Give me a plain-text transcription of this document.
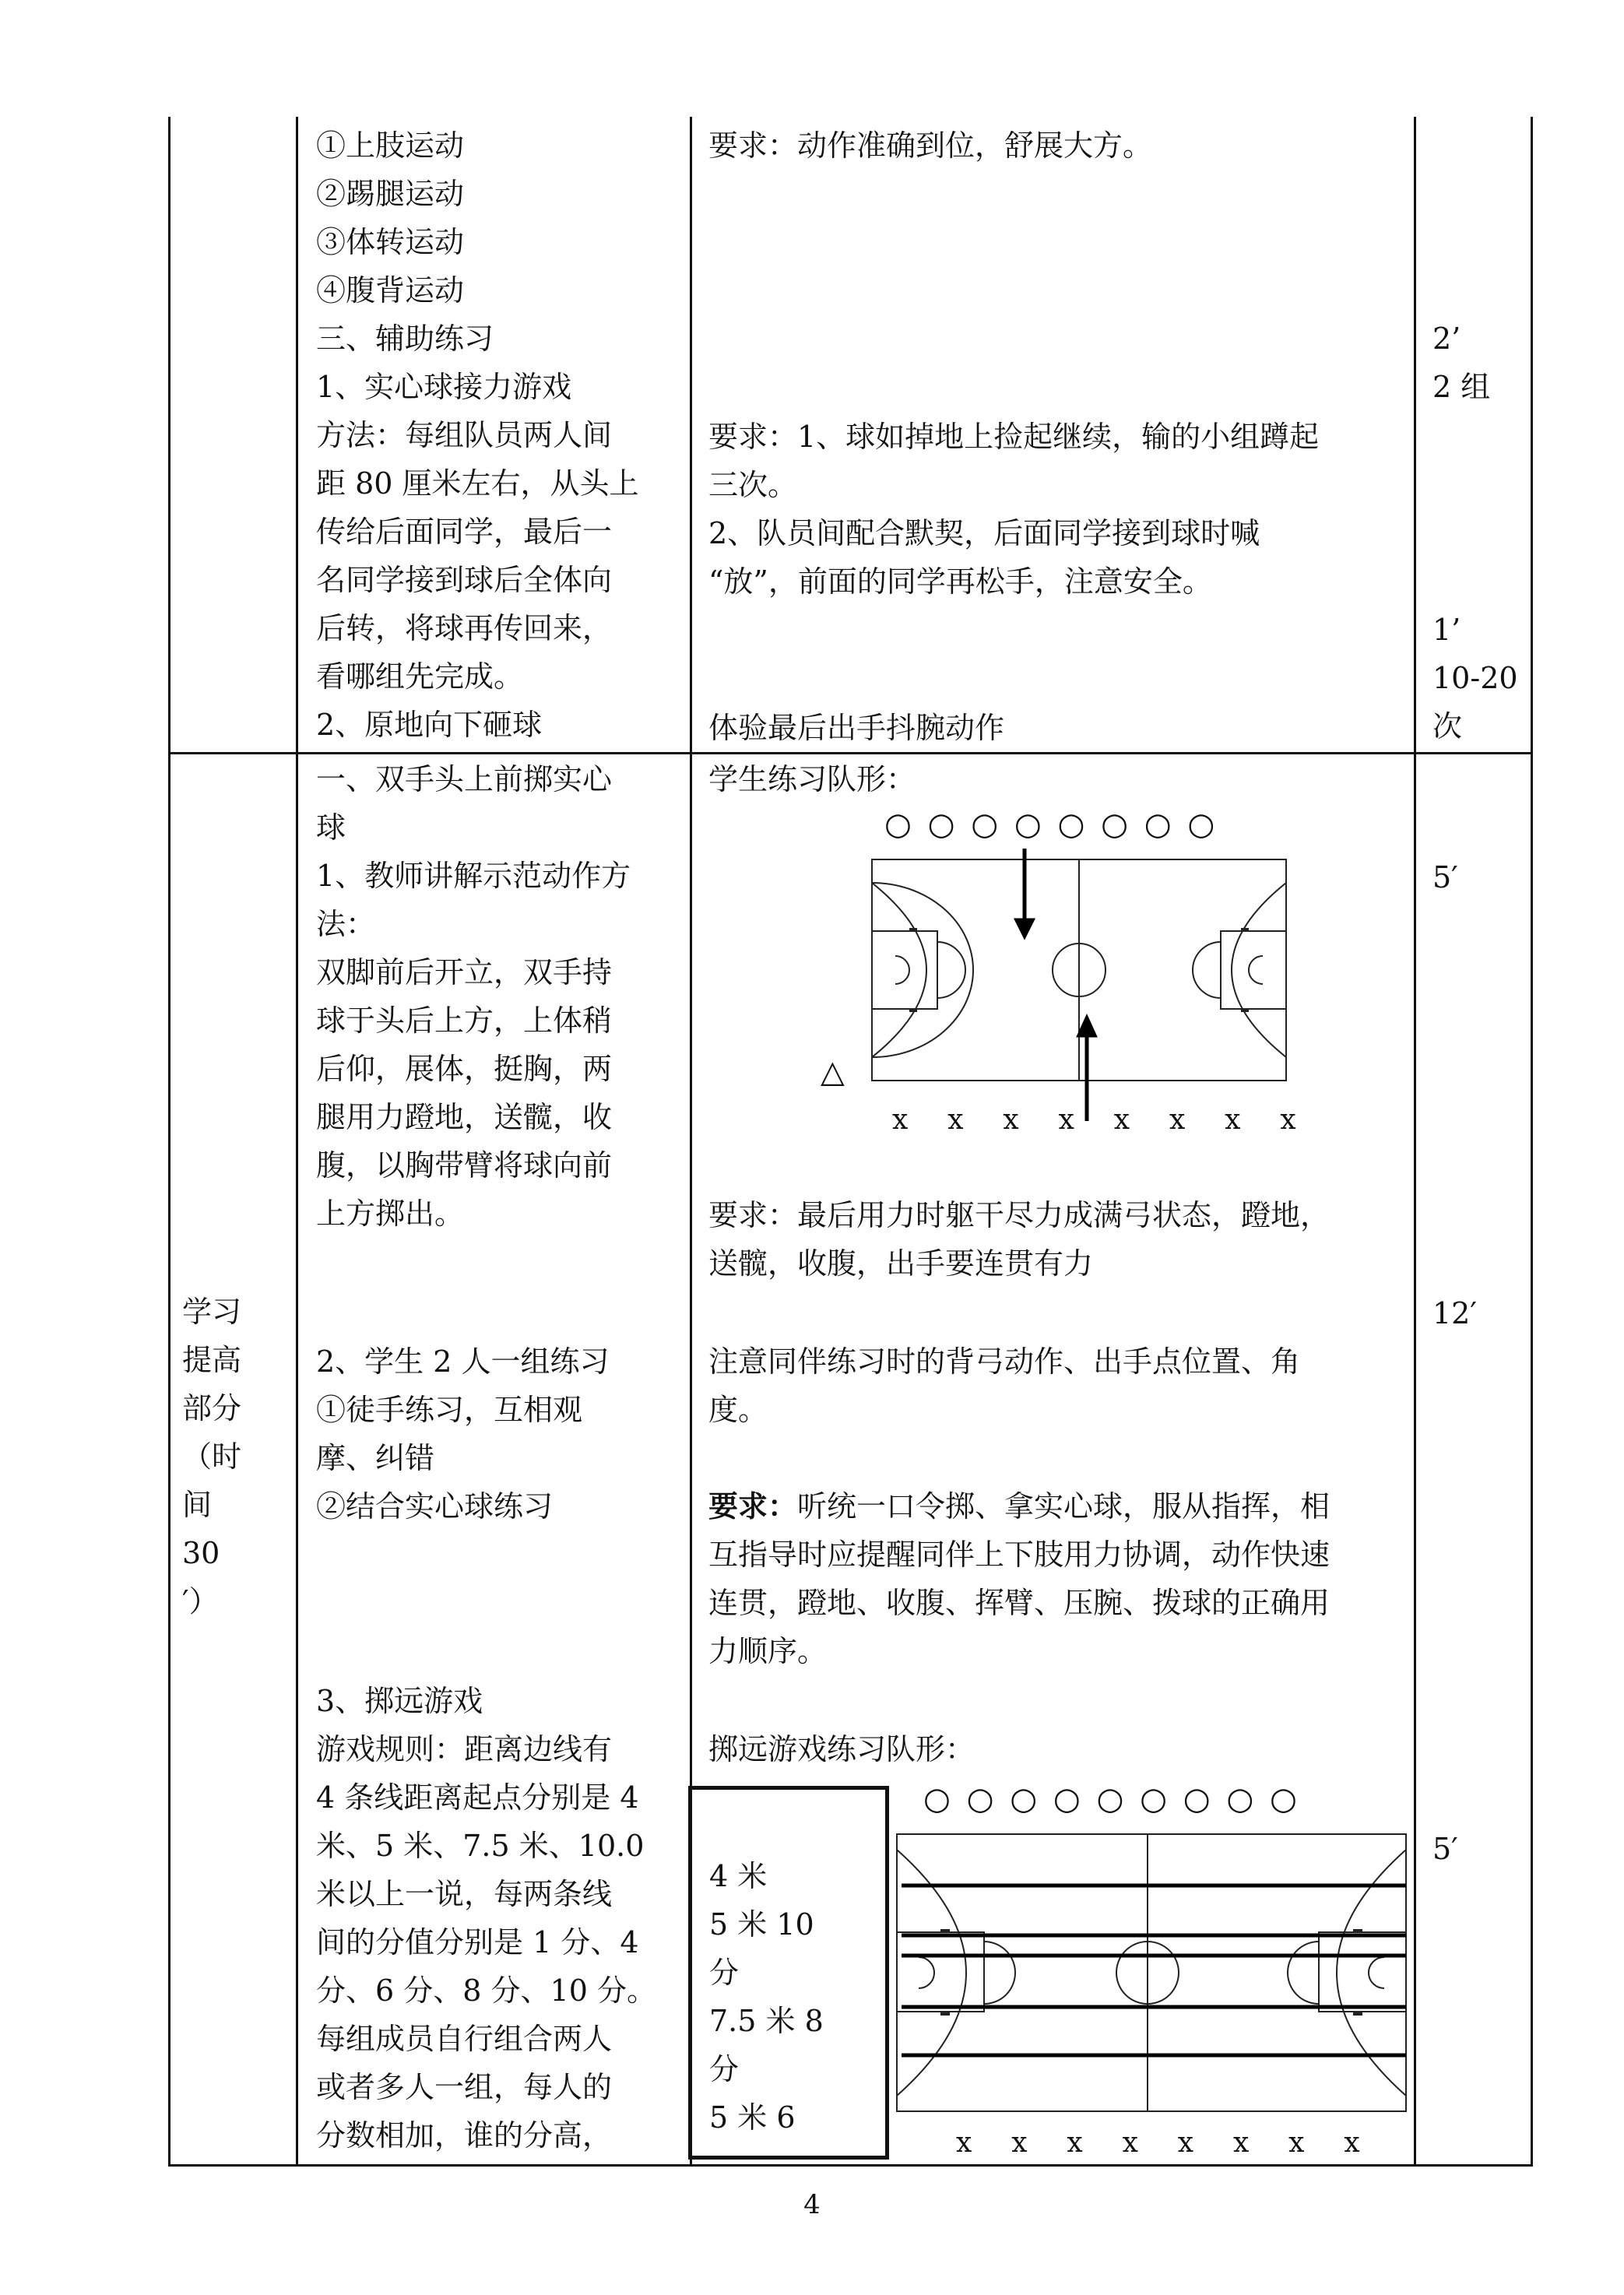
①上肢运动
②踢腿运动
③体转运动
④腹背运动
三、辅助练习
1、实心球接力游戏
方法：每组队员两人间
距 80 厘米左右，从头上
传给后面同学，最后一
名同学接到球后全体向
后转，将球再传回来，
看哪组先完成。
2、原地向下砸球
要求：动作准确到位，舒展大方。
要求：1、球如掉地上捡起继续，输的小组蹲起
三次。
2、队员间配合默契，后面同学接到球时喊
“放”，前面的同学再松手，注意安全。
体验最后出手抖腕动作
2’
2 组
1’
10-20
次
学习
提高
部分
（时
间
30
′）
一、双手头上前掷实心
球
1、教师讲解示范动作方
法：
双脚前后开立，双手持
球于头后上方，上体稍
后仰，展体，挺胸，两
腿用力蹬地，送髋，收
腹，以胸带臂将球向前
上方掷出。
2、学生 2 人一组练习
①徒手练习，互相观
摩、纠错
②结合实心球练习
3、掷远游戏
游戏规则：距离边线有
4 条线距离起点分别是 4
米、5 米、7.5 米、10.0
米以上一说，每两条线
间的分值分别是 1 分、4
分、6 分、8 分、10 分。
每组成员自行组合两人
或者多人一组，每人的
分数相加，谁的分高，
学生练习队形：
○ ○ ○ ○ ○ ○ ○ ○
△
x  x  x  x  x  x  x  x
要求：最后用力时躯干尽力成满弓状态，蹬地，
送髋，收腹，出手要连贯有力
注意同伴练习时的背弓动作、出手点位置、角
度。
要求：听统一口令掷、拿实心球，服从指挥，相
互指导时应提醒同伴上下肢用力协调，动作快速
连贯，蹬地、收腹、挥臂、压腕、拨球的正确用
力顺序。
掷远游戏练习队形：
4 米
5 米 10
分
7.5 米 8
分
5 米 6
○ ○ ○ ○ ○ ○ ○ ○ ○
x  x  x  x  x  x  x  x
5′
12′
5′
4
